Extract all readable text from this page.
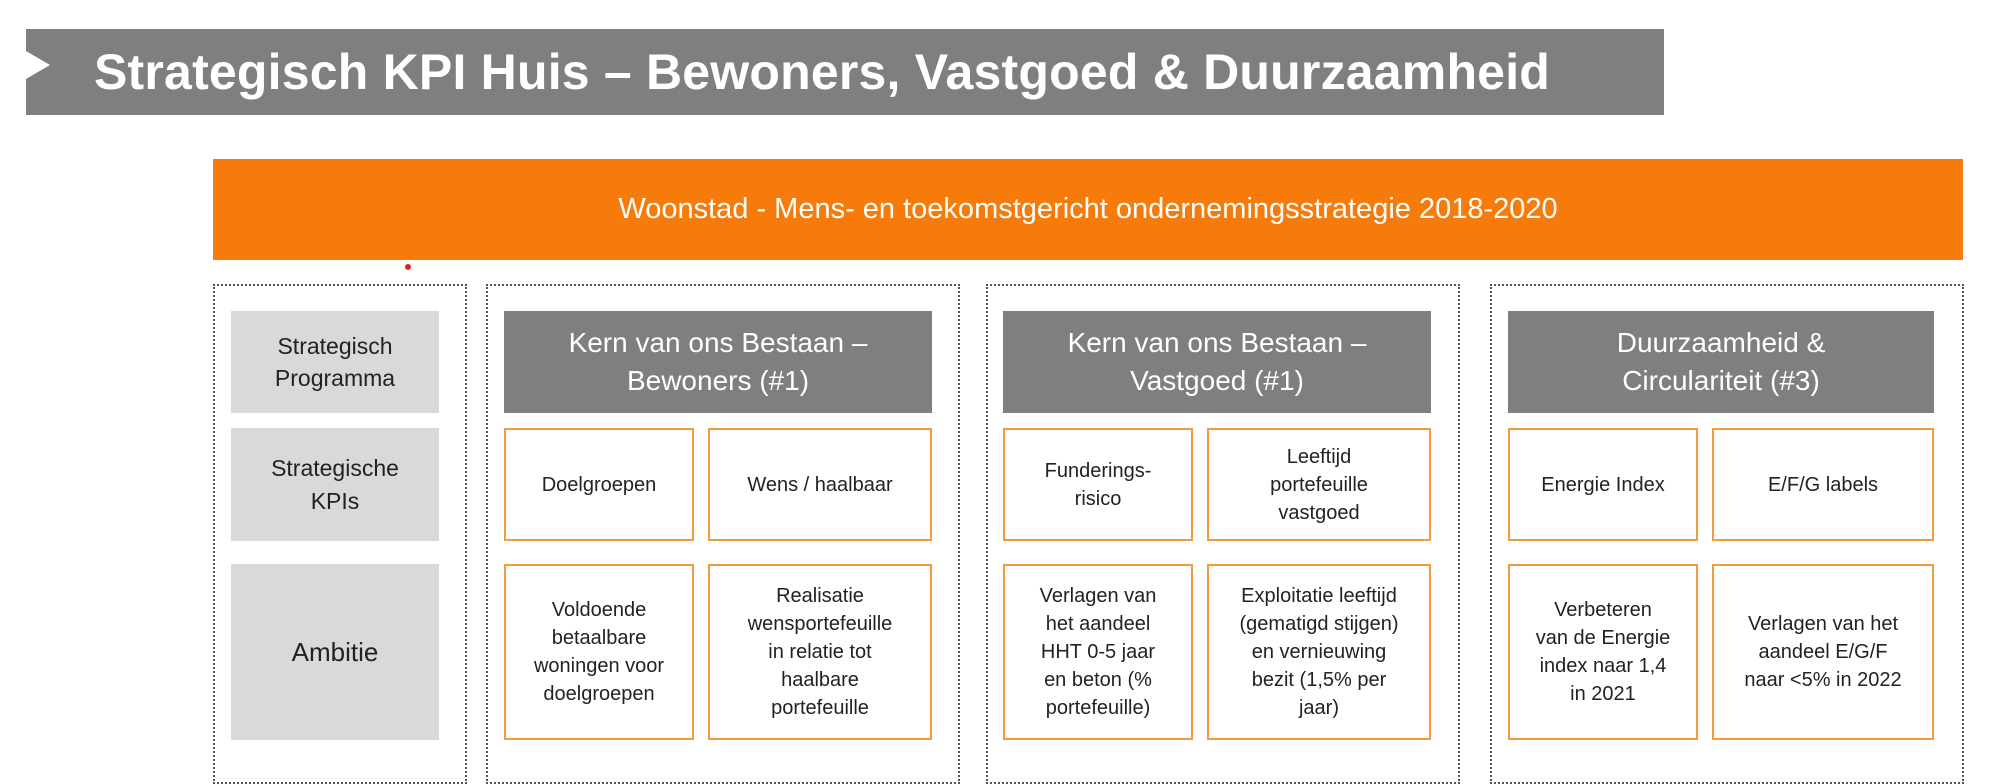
Strategisch KPI Huis – Bewoners, Vastgoed & Duurzaamheid
Woonstad - Mens- en toekomstgericht ondernemingsstrategie 2018-2020
Strategisch
Programma
Strategische
KPIs
Ambitie
Kern van ons Bestaan –
Bewoners (#1)
Doelgroepen	Wens / haalbaar
Voldoende
betaalbare
woningen voor
doelgroepen
Realisatie
wensportefeuille
in relatie tot
haalbare
portefeuille
Kern van ons Bestaan –
Vastgoed (#1)
Funderings-
risico
Leeftijd
portefeuille
vastgoed
Verlagen van
het aandeel
HHT 0-5 jaar
en beton (%
portefeuille)
Exploitatie leeftijd
(gematigd stijgen)
en vernieuwing
bezit (1,5% per
jaar)
Duurzaamheid &
Circulariteit (#3)
Energie Index	E/F/G labels
Verbeteren
van de Energie
index naar 1,4
in 2021
Verlagen van het
aandeel E/G/F
naar <5% in 2022
